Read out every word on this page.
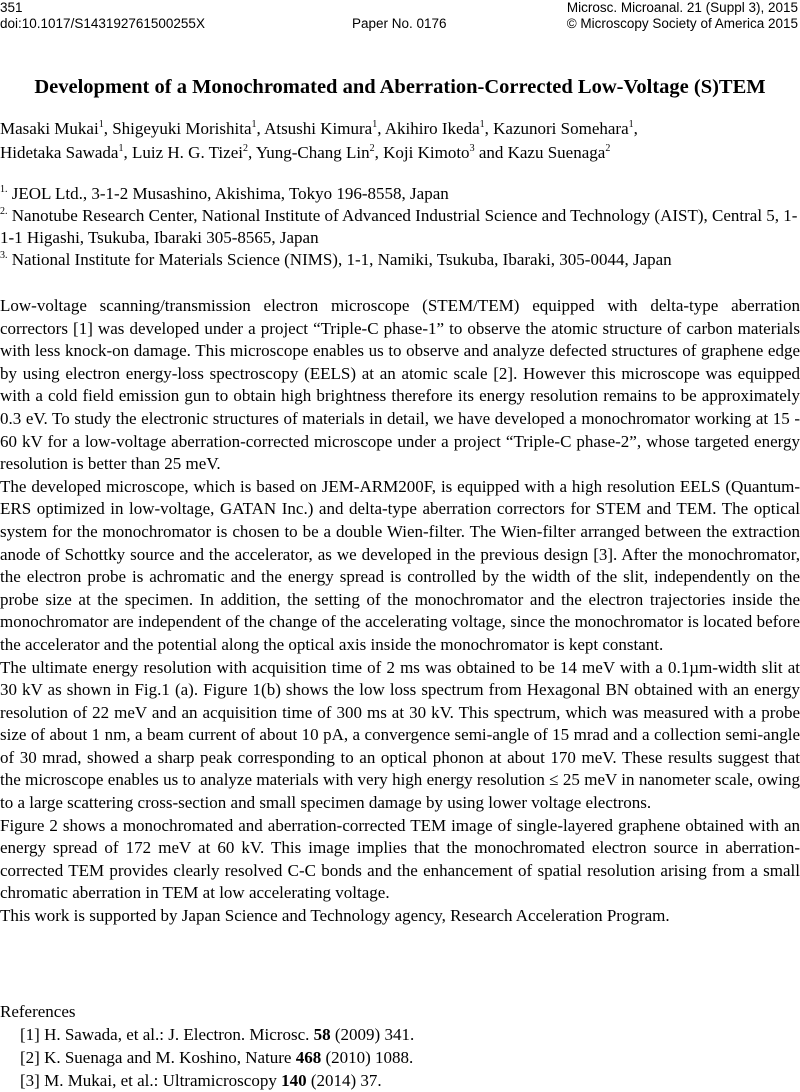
351	Microsc. Microanal. 21 (Suppl 3), 2015
doi:10.1017/S143192761500255X	Paper No. 0176	© Microscopy Society of America 2015
Development of a Monochromated and Aberration-Corrected Low-Voltage (S)TEM
Masaki Mukai$^1$, Shigeyuki Morishita$^1$, Atsushi Kimura$^1$, Akihiro Ikeda$^1$, Kazunori Somehara$^1$,
Hidetaka Sawada$^1$, Luiz H. G. Tizei$^2$, Yung-Chang Lin$^2$, Koji Kimoto$^3$ and Kazu Suenaga$^2$
$^{1.}$ JEOL Ltd., 3-1-2 Musashino, Akishima, Tokyo 196-8558, Japan
$^{2.}$ Nanotube Research Center, National Institute of Advanced Industrial Science and Technology (AIST), Central 5, 1-1-1 Higashi, Tsukuba, Ibaraki 305-8565, Japan
$^{3.}$ National Institute for Materials Science (NIMS), 1-1, Namiki, Tsukuba, Ibaraki, 305-0044, Japan

Low-voltage scanning/transmission electron microscope (STEM/TEM) equipped with delta-type aberration correctors [1] was developed under a project “Triple-C phase-1” to observe the atomic structure of carbon materials with less knock-on damage. This microscope enables us to observe and analyze defected structures of graphene edge by using electron energy-loss spectroscopy (EELS) at an atomic scale [2]. However this microscope was equipped with a cold field emission gun to obtain high brightness therefore its energy resolution remains to be approximately 0.3 eV. To study the electronic structures of materials in detail, we have developed a monochromator working at 15 - 60 kV for a low-voltage aberration-corrected microscope under a project “Triple-C phase-2”, whose targeted energy resolution is better than 25 meV.

The developed microscope, which is based on JEM-ARM200F, is equipped with a high resolution EELS (Quantum-ERS optimized in low-voltage, GATAN Inc.) and delta-type aberration correctors for STEM and TEM. The optical system for the monochromator is chosen to be a double Wien-filter. The Wien-filter arranged between the extraction anode of Schottky source and the accelerator, as we developed in the previous design [3]. After the monochromator, the electron probe is achromatic and the energy spread is controlled by the width of the slit, independently on the probe size at the specimen. In addition, the setting of the monochromator and the electron trajectories inside the monochromator are independent of the change of the accelerating voltage, since the monochromator is located before the accelerator and the potential along the optical axis inside the monochromator is kept constant.

The ultimate energy resolution with acquisition time of 2 ms was obtained to be 14 meV with a 0.1µm-width slit at 30 kV as shown in Fig.1 (a). Figure 1(b) shows the low loss spectrum from Hexagonal BN obtained with an energy resolution of 22 meV and an acquisition time of 300 ms at 30 kV. This spectrum, which was measured with a probe size of about 1 nm, a beam current of about 10 pA, a convergence semi-angle of 15 mrad and a collection semi-angle of 30 mrad, showed a sharp peak corresponding to an optical phonon at about 170 meV. These results suggest that the microscope enables us to analyze materials with very high energy resolution ≤ 25 meV in nanometer scale, owing to a large scattering cross-section and small specimen damage by using lower voltage electrons.

Figure 2 shows a monochromated and aberration-corrected TEM image of single-layered graphene obtained with an energy spread of 172 meV at 60 kV. This image implies that the monochromated electron source in aberration-corrected TEM provides clearly resolved C-C bonds and the enhancement of spatial resolution arising from a small chromatic aberration in TEM at low accelerating voltage.

This work is supported by Japan Science and Technology agency, Research Acceleration Program.

References
[1] H. Sawada, et al.: J. Electron. Microsc. 58 (2009) 341.
[2] K. Suenaga and M. Koshino, Nature 468 (2010) 1088.
[3] M. Mukai, et al.: Ultramicroscopy 140 (2014) 37.
